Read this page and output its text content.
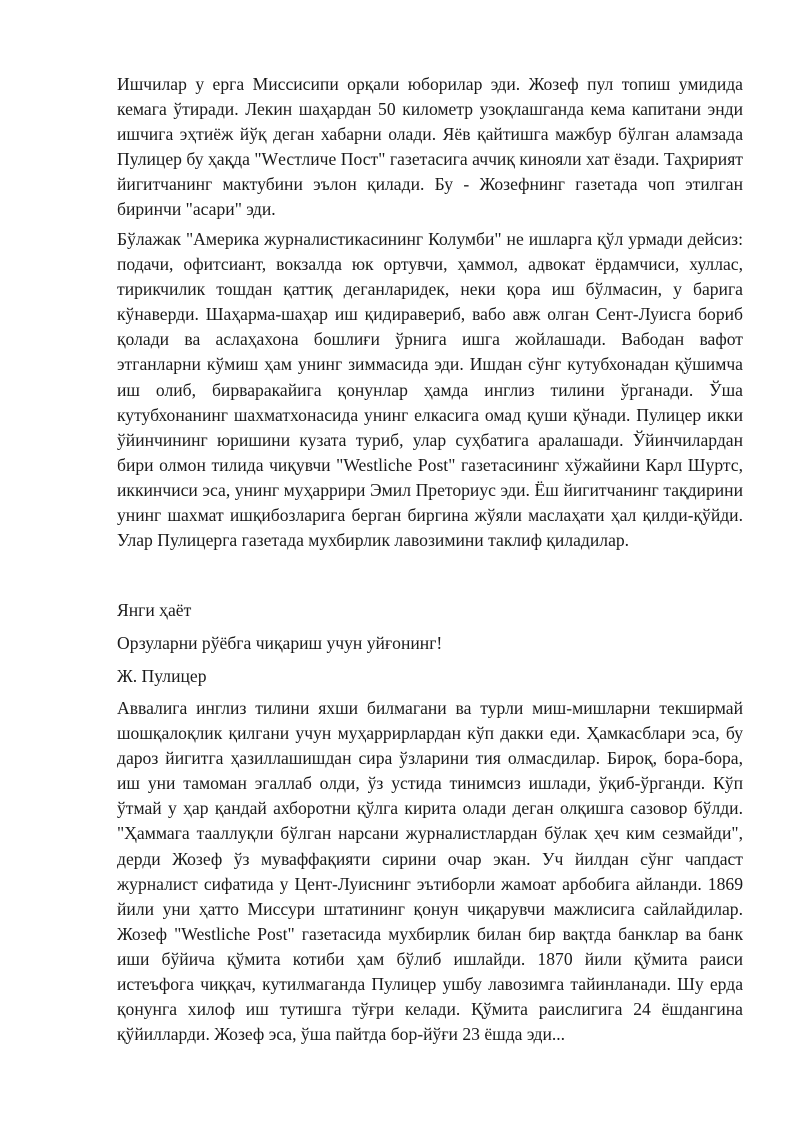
Ишчилар у ерга Миссисипи орқали юборилар эди. Жозеф пул топиш умидида кемага ўтиради. Лекин шаҳардан 50 километр узоқлашганда кема капитани энди ишчига эҳтиёж йўқ деган хабарни олади. Яёв қайтишга мажбур бўлган аламзада Пулицер бу ҳақда "Wестличе Пост" газетасига аччиқ кинояли хат ёзади. Таҳририят йигитчанинг мактубини эълон қилади. Бу - Жозефнинг газетада чоп этилган биринчи "асари" эди.

Бўлажак "Америка журналистикасининг Колумби" не ишларга қўл урмади дейсиз: подачи, офитсиант, вокзалда юк ортувчи, ҳаммол, адвокат ёрдамчиси, хуллас, тирикчилик тошдан қаттиқ деганларидек, неки қора иш бўлмасин, у барига кўнаверди. Шаҳарма-шаҳар иш қидиравериб, вабо авж олган Сент-Луисга бориб қолади ва аслаҳахона бошлиғи ўрнига ишга жойлашади. Вабодан вафот этганларни кўмиш ҳам унинг зиммасида эди. Ишдан сўнг кутубхонадан қўшимча иш олиб, бирваракайига қонунлар ҳамда инглиз тилини ўрганади. Ўша кутубхонанинг шахматхонасида унинг елкасига омад қуши қўнади. Пулицер икки ўйинчининг юришини кузата туриб, улар суҳбатига аралашади. Ўйинчилардан бири олмон тилида чиқувчи "Westliche Post" газетасининг хўжайини Карл Шуртс, иккинчиси эса, унинг муҳаррири Эмил Преториус эди. Ёш йигитчанинг тақдирини унинг шахмат ишқибозларига берган биргина жўяли маслаҳати ҳал қилди-қўйди. Улар Пулицерга газетада мухбирлик лавозимини таклиф қиладилар.

Янги ҳаёт

Орзуларни рўёбга чиқариш учун уйғонинг!

Ж. Пулицер

Аввалига инглиз тилини яхши билмагани ва турли миш-мишларни текширмай шошқалоқлик қилгани учун муҳаррирлардан кўп дакки еди. Ҳамкасблари эса, бу дароз йигитга ҳазиллашишдан сира ўзларини тия олмасдилар. Бироқ, бора-бора, иш уни тамоман эгаллаб олди, ўз устида тинимсиз ишлади, ўқиб-ўрганди. Кўп ўтмай у ҳар қандай ахборотни қўлга кирита олади деган олқишга сазовор бўлди. "Ҳаммага тааллуқли бўлган нарсани журналистлардан бўлак ҳеч ким сезмайди", дерди Жозеф ўз муваффақияти сирини очар экан. Уч йилдан сўнг чапдаст журналист сифатида у Цент-Луиснинг эътиборли жамоат арбобига айланди. 1869 йили уни ҳатто Миссури штатининг қонун чиқарувчи мажлисига сайлайдилар. Жозеф "Westliche Post" газетасида мухбирлик билан бир вақтда банклар ва банк иши бўйича қўмита котиби ҳам бўлиб ишлайди. 1870 йили қўмита раиси истеъфога чиққач, кутилмаганда Пулицер ушбу лавозимга тайинланади. Шу ерда қонунга хилоф иш тутишга тўғри келади. Қўмита раислигига 24 ёшдангина қўйилларди. Жозеф эса, ўша пайтда бор-йўғи 23 ёшда эди...
